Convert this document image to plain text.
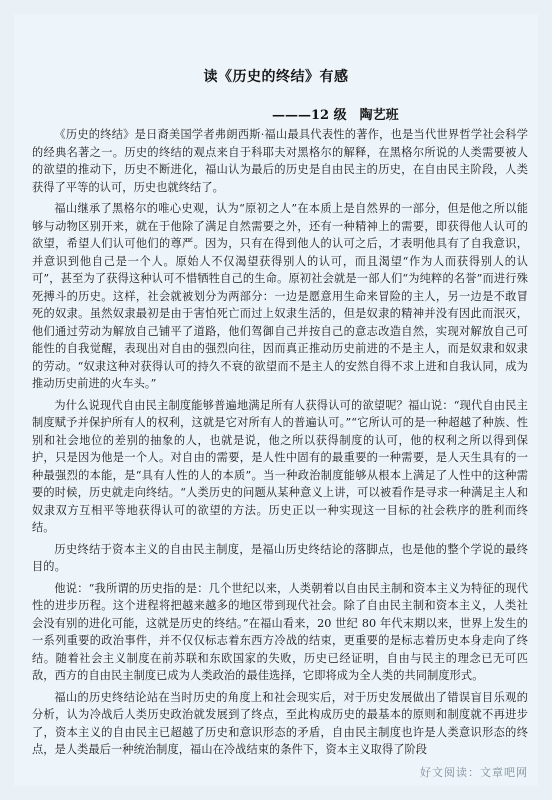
读《历史的终结》有感
———12 级　陶艺班

《历史的终结》是日裔美国学者弗朗西斯·福山最具代表性的著作，也是当代世界哲学社会科学的经典名著之一。历史的终结的观点来自于科耶夫对黑格尔的解释，在黑格尔所说的人类需要被人的欲望的推动下，历史不断进化，福山认为最后的历史是自由民主的历史，在自由民主阶段，人类获得了平等的认可，历史也就终结了。

福山继承了黑格尔的唯心史观，认为“原初之人”在本质上是自然界的一部分，但是他之所以能够与动物区别开来，就在于他除了满足自然需要之外，还有一种精神上的需要，即获得他人认可的欲望，希望人们认可他们的尊严。因为，只有在得到他人的认可之后，才表明他具有了自我意识，并意识到他自己是一个人。原始人不仅渴望获得别人的认可，而且渴望“作为人而获得别人的认可”，甚至为了获得这种认可不惜牺牲自己的生命。原初社会就是一部人们“为纯粹的名誉”而进行殊死搏斗的历史。这样，社会就被划分为两部分：一边是愿意用生命来冒险的主人，另一边是不敢冒死的奴隶。虽然奴隶最初是由于害怕死亡而过上奴隶生活的，但是奴隶的精神并没有因此而泯灭，他们通过劳动为解放自己铺平了道路，他们驾御自己并按自己的意志改造自然，实现对解放自己可能性的自我觉醒，表现出对自由的强烈向往，因而真正推动历史前进的不是主人，而是奴隶和奴隶的劳动。“奴隶这种对获得认可的持久不衰的欲望而不是主人的安然自得不求上进和自我认同，成为推动历史前进的火车头。”

为什么说现代自由民主制度能够普遍地满足所有人获得认可的欲望呢？福山说：“现代自由民主制度赋予并保护所有人的权利，这就是它对所有人的普遍认可。”“它所认可的是一种超越了种族、性别和社会地位的差别的抽象的人，也就是说，他之所以获得制度的认可，他的权利之所以得到保护，只是因为他是一个人。对自由的需要，是人性中固有的最重要的一种需要，是人天生具有的一种最强烈的本能，是“具有人性的人的本质”。当一种政治制度能够从根本上满足了人性中的这种需要的时候，历史就走向终结。“人类历史的问题从某种意义上讲，可以被看作是寻求一种满足主人和奴隶双方互相平等地获得认可的欲望的方法。历史正以一种实现这一目标的社会秩序的胜利而终结。

历史终结于资本主义的自由民主制度，是福山历史终结论的落脚点，也是他的整个学说的最终目的。

他说：“我所谓的历史指的是：几个世纪以来，人类朝着以自由民主制和资本主义为特征的现代性的进步历程。这个进程将把越来越多的地区带到现代社会。除了自由民主制和资本主义，人类社会没有别的进化可能，这就是历史的终结。”在福山看来，20 世纪 80 年代末期以来，世界上发生的一系列重要的政治事件，并不仅仅标志着东西方冷战的结束，更重要的是标志着历史本身走向了终结。随着社会主义制度在前苏联和东欧国家的失败，历史已经证明，自由与民主的理念已无可匹敌，西方的自由民主制度已成为人类政治的最佳选择，它即将成为全人类的共同制度形式。

福山的历史终结论站在当时历史的角度上和社会现实后，对于历史发展做出了错误盲目乐观的分析，认为冷战后人类历史政治就发展到了终点，至此构成历史的最基本的原则和制度就不再进步了，资本主义的自由民主已超越了历史和意识形态的矛盾，自由民主制度也许是人类意识形态的终点，是人类最后一种统治制度，福山在冷战结束的条件下，资本主义取得了阶段

好文阅读：文章吧网
